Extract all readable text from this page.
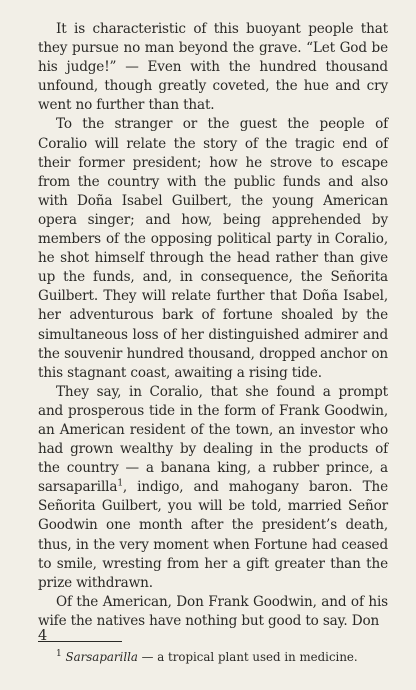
It is characteristic of this buoyant people that they pursue no man beyond the grave. “Let God be his judge!” — Even with the hundred thousand unfound, though greatly coveted, the hue and cry went no further than that.

To the stranger or the guest the people of Coralio will relate the story of the tragic end of their former president; how he strove to escape from the country with the public funds and also with Doña Isabel Guilbert, the young American opera singer; and how, being apprehended by members of the opposing political party in Coralio, he shot himself through the head rather than give up the funds, and, in consequence, the Señorita Guilbert. They will relate further that Doña Isabel, her adventurous bark of fortune shoaled by the simultaneous loss of her distinguished admirer and the souvenir hundred thousand, dropped anchor on this stagnant coast, awaiting a rising tide.

They say, in Coralio, that she found a prompt and prosperous tide in the form of Frank Goodwin, an American resident of the town, an investor who had grown wealthy by dealing in the products of the country — a banana king, a rubber prince, a sarsaparilla$^1$, indigo, and mahogany baron. The Señorita Guilbert, you will be told, married Señor Goodwin one month after the president’s death, thus, in the very moment when Fortune had ceased to smile, wresting from her a gift greater than the prize withdrawn.

Of the American, Don Frank Goodwin, and of his wife the natives have nothing but good to say. Don

$^1$ Sarsaparilla — a tropical plant used in medicine.

4
